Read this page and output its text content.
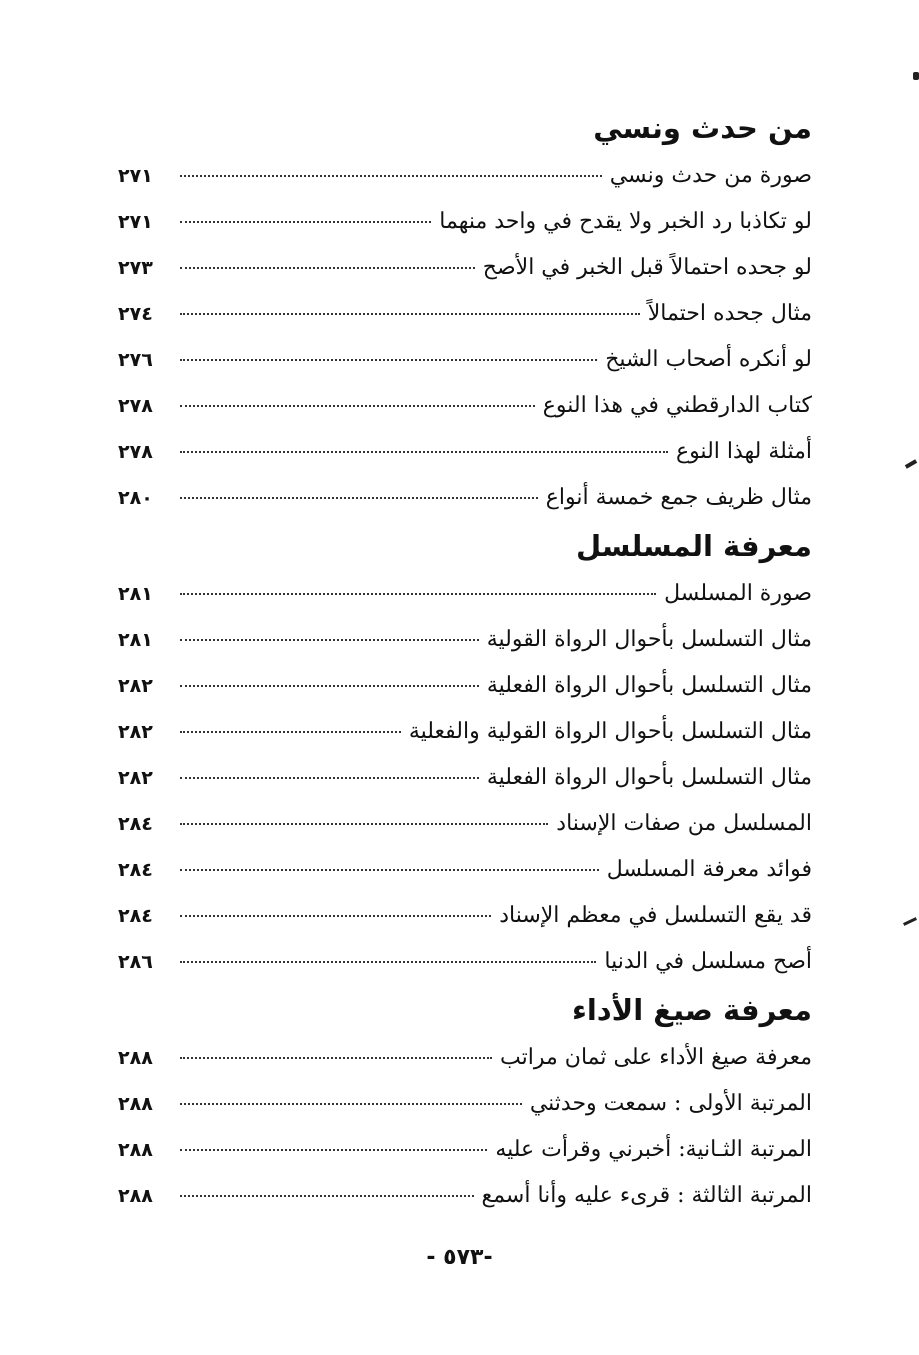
من حدث ونسي
صورة من حدث ونسي
٢٧١
لو تكاذبا رد الخبر ولا يقدح في واحد منهما
٢٧١
لو جحده احتمالاً قبل الخبر في الأصح
٢٧٣
مثال جحده احتمالاً
٢٧٤
لو أنكره أصحاب الشيخ
٢٧٦
كتاب الدارقطني في هذا النوع
٢٧٨
أمثلة لهذا النوع
٢٧٨
مثال ظريف جمع خمسة أنواع
٢٨٠
معرفة المسلسل
صورة المسلسل
٢٨١
مثال التسلسل بأحوال الرواة القولية
٢٨١
مثال التسلسل بأحوال الرواة الفعلية
٢٨٢
مثال التسلسل بأحوال الرواة القولية والفعلية
٢٨٢
مثال التسلسل بأحوال الرواة الفعلية
٢٨٢
المسلسل من صفات الإسناد
٢٨٤
فوائد معرفة المسلسل
٢٨٤
قد يقع التسلسل في معظم الإسناد
٢٨٤
أصح مسلسل في الدنيا
٢٨٦
معرفة صيغ الأداء
معرفة صيغ الأداء على ثمان مراتب
٢٨٨
المرتبة الأولى : سمعت وحدثني
٢٨٨
المرتبة الثـانية: أخبرني وقرأت عليه
٢٨٨
المرتبة الثالثة : قرىء عليه وأنا أسمع
٢٨٨
- ٥٧٣-
